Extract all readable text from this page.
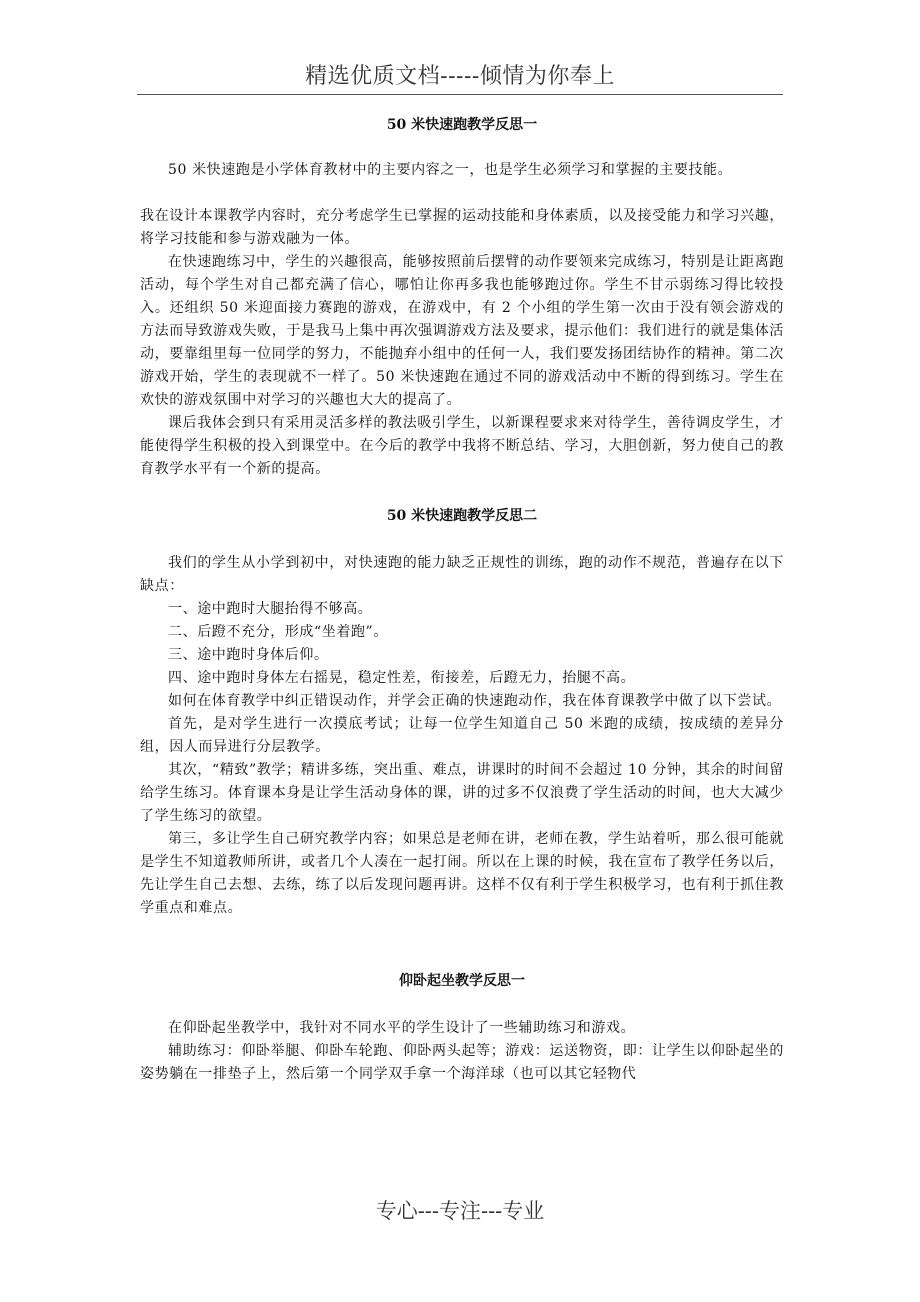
精选优质文档-----倾情为你奉上
50 米快速跑教学反思一

50 米快速跑是小学体育教材中的主要内容之一，也是学生必须学习和掌握的主要技能。

我在设计本课教学内容时，充分考虑学生已掌握的运动技能和身体素质，以及接受能力和学习兴趣，将学习技能和参与游戏融为一体。

在快速跑练习中，学生的兴趣很高，能够按照前后摆臂的动作要领来完成练习，特别是让距离跑活动，每个学生对自己都充满了信心，哪怕让你再多我也能够跑过你。学生不甘示弱练习得比较投入。还组织 50 米迎面接力赛跑的游戏，在游戏中，有 2 个小组的学生第一次由于没有领会游戏的方法而导致游戏失败，于是我马上集中再次强调游戏方法及要求，提示他们：我们进行的就是集体活动，要靠组里每一位同学的努力，不能抛弃小组中的任何一人，我们要发扬团结协作的精神。第二次游戏开始，学生的表现就不一样了。50 米快速跑在通过不同的游戏活动中不断的得到练习。学生在欢快的游戏氛围中对学习的兴趣也大大的提高了。

课后我体会到只有采用灵活多样的教法吸引学生，以新课程要求来对待学生，善待调皮学生，才能使得学生积极的投入到课堂中。在今后的教学中我将不断总结、学习，大胆创新，努力使自己的教育教学水平有一个新的提高。

50 米快速跑教学反思二

我们的学生从小学到初中，对快速跑的能力缺乏正规性的训练，跑的动作不规范，普遍存在以下缺点：

一、途中跑时大腿抬得不够高。

二、后蹬不充分，形成“坐着跑”。

三、途中跑时身体后仰。

四、途中跑时身体左右摇晃，稳定性差，衔接差，后蹬无力，抬腿不高。

如何在体育教学中纠正错误动作，并学会正确的快速跑动作，我在体育课教学中做了以下尝试。

首先，是对学生进行一次摸底考试；让每一位学生知道自己 50 米跑的成绩，按成绩的差异分组，因人而异进行分层教学。

其次，“精致”教学；精讲多练，突出重、难点，讲课时的时间不会超过 10 分钟，其余的时间留给学生练习。体育课本身是让学生活动身体的课，讲的过多不仅浪费了学生活动的时间，也大大减少了学生练习的欲望。

第三，多让学生自己研究教学内容；如果总是老师在讲，老师在教，学生站着听，那么很可能就是学生不知道教师所讲，或者几个人凑在一起打闹。所以在上课的时候，我在宣布了教学任务以后，先让学生自己去想、去练，练了以后发现问题再讲。这样不仅有利于学生积极学习，也有利于抓住教学重点和难点。

仰卧起坐教学反思一

在仰卧起坐教学中，我针对不同水平的学生设计了一些辅助练习和游戏。

辅助练习：仰卧举腿、仰卧车轮跑、仰卧两头起等；游戏：运送物资，即：让学生以仰卧起坐的姿势躺在一排垫子上，然后第一个同学双手拿一个海洋球（也可以其它轻物代

专心---专注---专业
